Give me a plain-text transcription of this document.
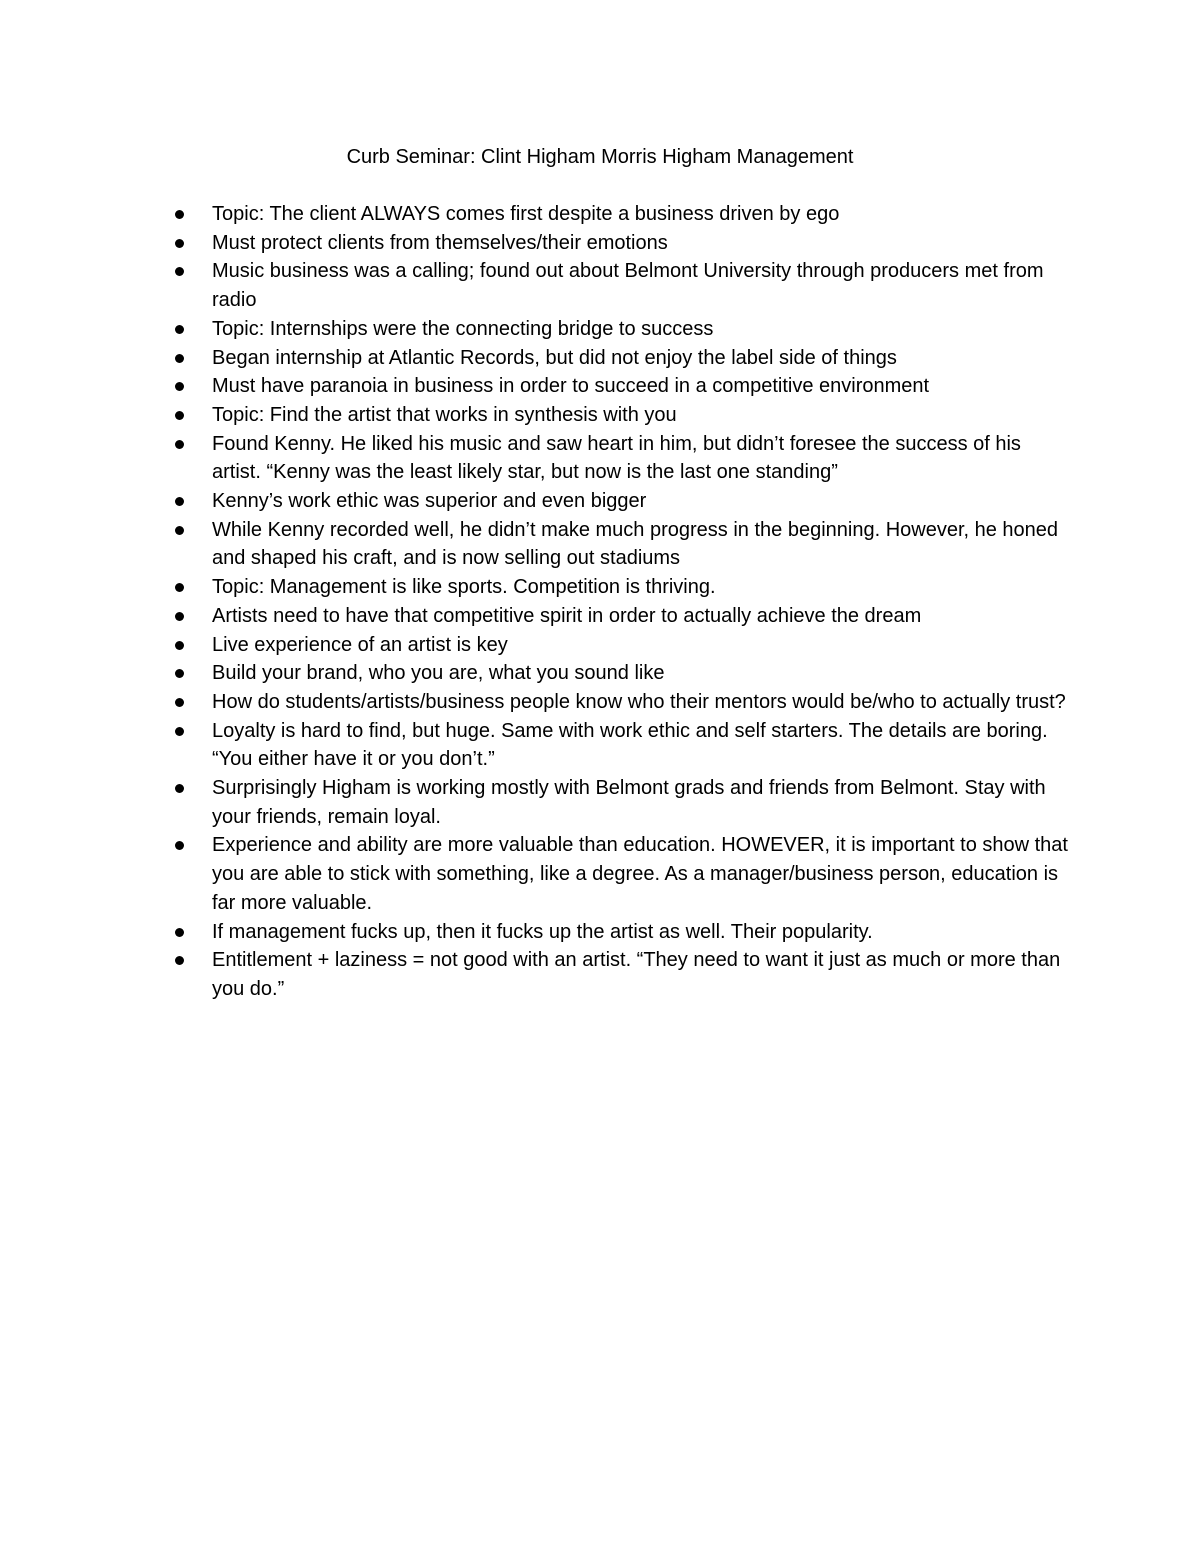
Curb Seminar: Clint Higham Morris Higham Management
Topic: The client ALWAYS comes first despite a business driven by ego
Must protect clients from themselves/their emotions
Music business was a calling; found out about Belmont University through producers met from radio
Topic: Internships were the connecting bridge to success
Began internship at Atlantic Records, but did not enjoy the label side of things
Must have paranoia in business in order to succeed in a competitive environment
Topic: Find the artist that works in synthesis with you
Found Kenny. He liked his music and saw heart in him, but didn’t foresee the success of his artist. “Kenny was the least likely star, but now is the last one standing”
Kenny’s work ethic was superior and even bigger
While Kenny recorded well, he didn’t make much progress in the beginning. However, he honed and shaped his craft, and is now selling out stadiums
Topic: Management is like sports. Competition is thriving.
Artists need to have that competitive spirit in order to actually achieve the dream
Live experience of an artist is key
Build your brand, who you are, what you sound like
How do students/artists/business people know who their mentors would be/who to actually trust?
Loyalty is hard to find, but huge. Same with work ethic and self starters. The details are boring. “You either have it or you don’t.”
Surprisingly Higham is working mostly with Belmont grads and friends from Belmont. Stay with your friends, remain loyal.
Experience and ability are more valuable than education. HOWEVER, it is important to show that you are able to stick with something, like a degree. As a manager/business person, education is far more valuable.
If management fucks up, then it fucks up the artist as well. Their popularity.
Entitlement + laziness = not good with an artist. “They need to want it just as much or more than you do.”
